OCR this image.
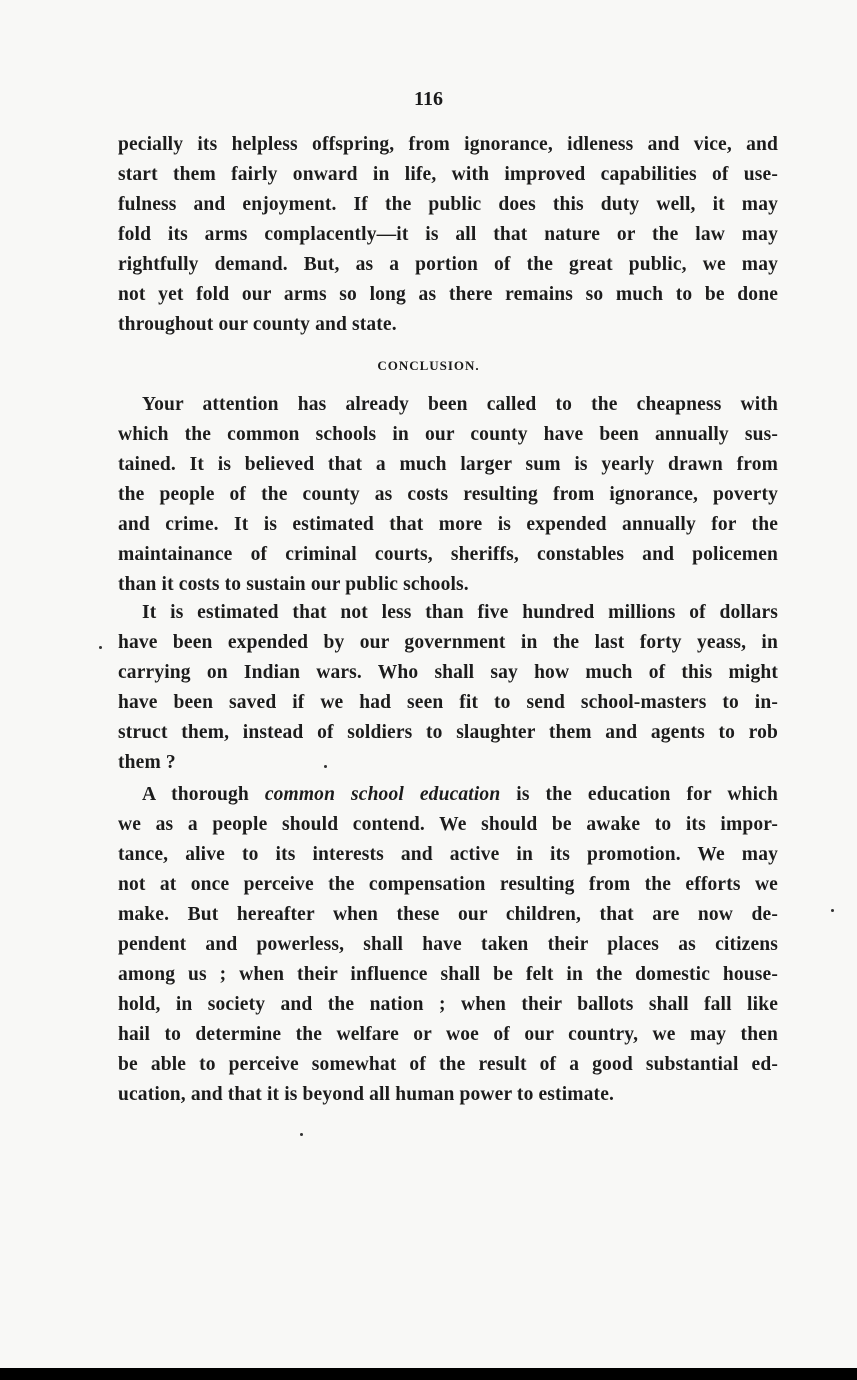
116
pecially its helpless offspring, from ignorance, idleness and vice, and
start them fairly onward in life, with improved capabilities of use-
fulness and enjoyment. If the public does this duty well, it may
fold its arms complacently—it is all that nature or the law may
rightfully demand. But, as a portion of the great public, we may
not yet fold our arms so long as there remains so much to be done
throughout our county and state.
CONCLUSION.
Your attention has already been called to the cheapness with
which the common schools in our county have been annually sus-
tained. It is believed that a much larger sum is yearly drawn from
the people of the county as costs resulting from ignorance, poverty
and crime. It is estimated that more is expended annually for the
maintainance of criminal courts, sheriffs, constables and policemen
than it costs to sustain our public schools.
It is estimated that not less than five hundred millions of dollars
have been expended by our government in the last forty yeass, in
carrying on Indian wars. Who shall say how much of this might
have been saved if we had seen fit to send school-masters to in-
struct them, instead of soldiers to slaughter them and agents to rob
them ?
A thorough common school education is the education for which
we as a people should contend. We should be awake to its impor-
tance, alive to its interests and active in its promotion. We may
not at once perceive the compensation resulting from the efforts we
make. But hereafter when these our children, that are now de-
pendent and powerless, shall have taken their places as citizens
among us ; when their influence shall be felt in the domestic house-
hold, in society and the nation ; when their ballots shall fall like
hail to determine the welfare or woe of our country, we may then
be able to perceive somewhat of the result of a good substantial ed-
ucation, and that it is beyond all human power to estimate.
